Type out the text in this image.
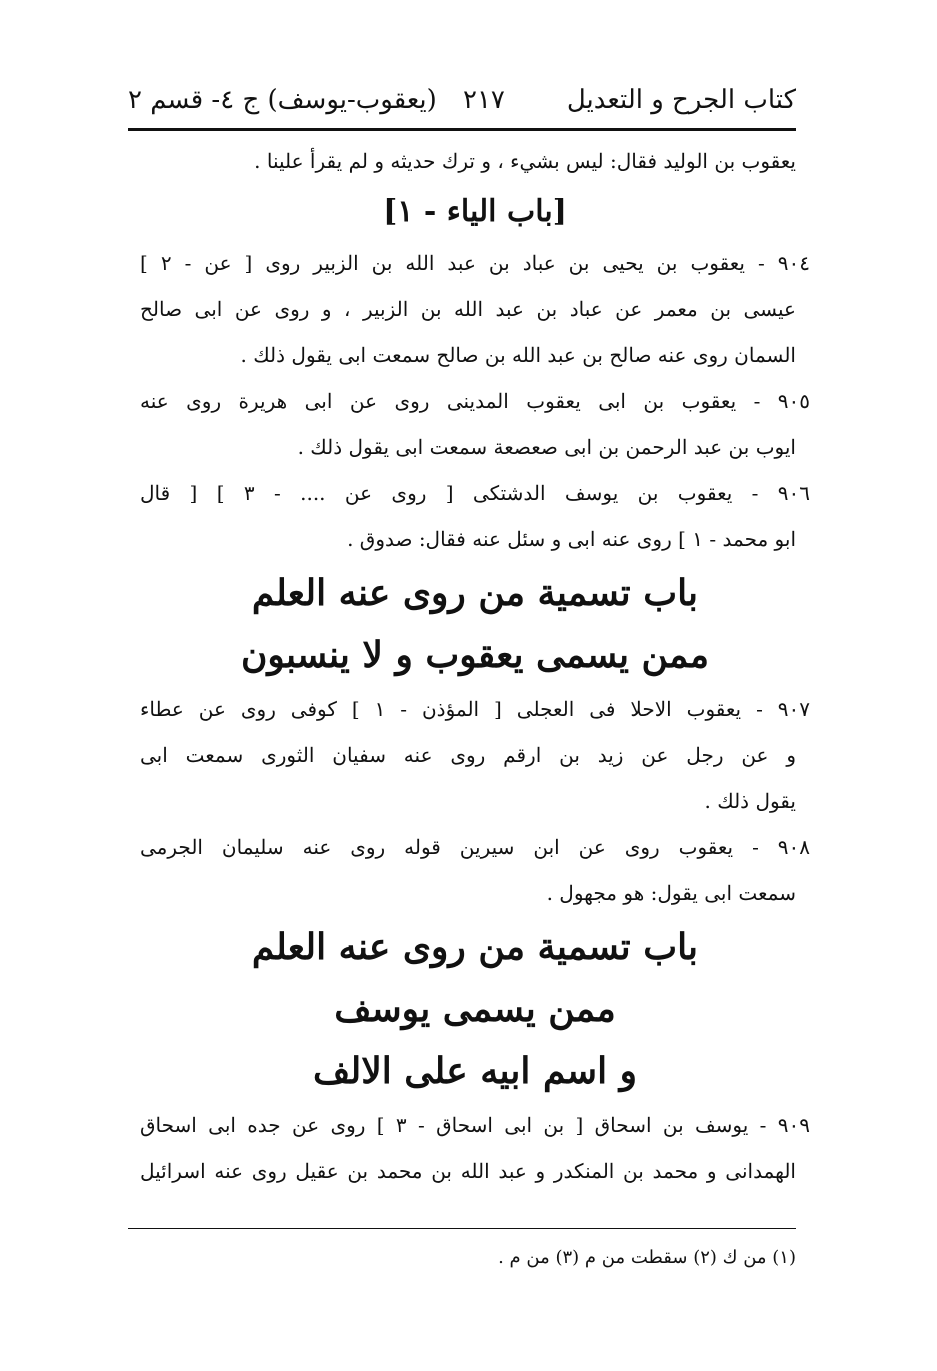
كتاب الجرح و التعديل
٢١٧
(يعقوب-يوسف) ج ٤- قسم ٢
يعقوب بن الوليد فقال: ليس بشيء ، و ترك حديثه و لم يقرأ علينا .
[باب الياء - ١]
٩٠٤ - يعقوب بن يحيى بن عباد بن عبد الله بن الزبير روى [ عن - ٢ ]
عيسى بن معمر عن عباد بن عبد الله بن الزبير ، و روى عن ابى صالح
السمان روى عنه صالح بن عبد الله بن صالح سمعت ابى يقول ذلك .
٩٠٥ - يعقوب بن ابى يعقوب المدينى روى عن ابى هريرة روى عنه
ايوب بن عبد الرحمن بن ابى صعصعة سمعت ابى يقول ذلك .
٩٠٦ - يعقوب بن يوسف الدشتكى [ روى عن .... - ٣ ] [ قال
ابو محمد - ١ ] روى عنه ابى و سئل عنه فقال: صدوق .
باب تسمية من روى عنه العلم
ممن يسمى يعقوب و لا ينسبون
٩٠٧ - يعقوب الاحلا فى العجلى [ المؤذن - ١ ] كوفى روى عن عطاء
و عن رجل عن زيد بن ارقم روى عنه سفيان الثورى سمعت ابى
يقول ذلك .
٩٠٨ - يعقوب روى عن ابن سيرين قوله روى عنه سليمان الجرمى
سمعت ابى يقول: هو مجهول .
باب تسمية من روى عنه العلم
ممن يسمى يوسف
و اسم ابيه على الالف
٩٠٩ - يوسف بن اسحاق [ بن ابى اسحاق - ٣ ] روى عن جده ابى اسحاق
الهمدانى و محمد بن المنكدر و عبد الله بن محمد بن عقيل روى عنه اسرائيل
(١) من ك (٢) سقطت من م (٣) من م .
